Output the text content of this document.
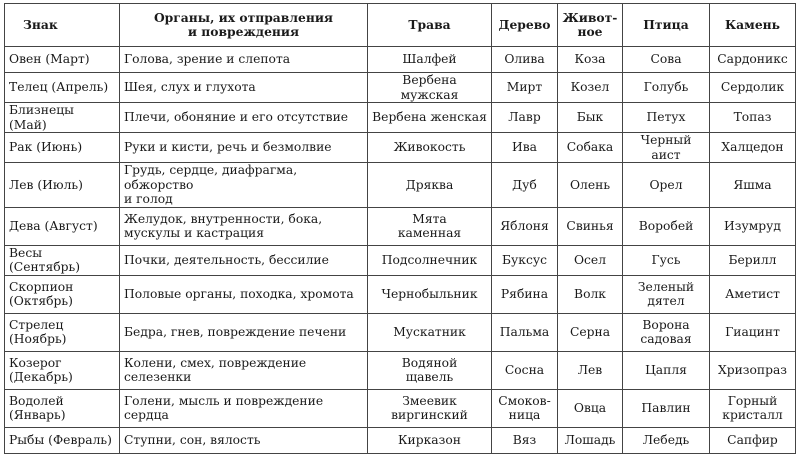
Знак	Органы, их отправления
и повреждения	Трава	Дерево	Живот-
ное	Птица	Камень

Овен (Март)	Голова, зрение и слепота	Шалфей	Олива	Коза	Сова	Сардоникс

Телец (Апрель)	Шея, слух и глухота	Вербена мужская	Мирт	Козел	Голубь	Сердолик

Близнецы (Май)	Плечи, обоняние и его отсутствие	Вербена женская	Лавр	Бык	Петух	Топаз

Рак (Июнь)	Руки и кисти, речь и безмолвие	Живокость	Ива	Собака	Черный аист	Халцедон

Лев (Июль)	Грудь, сердце, диафрагма, обжорство
и голод	Дряква	Дуб	Олень	Орел	Яшма

Дева (Август)	Желудок, внутренности, бока,
мускулы и кастрация	Мята
каменная	Яблоня	Свинья	Воробей	Изумруд

Весы (Сентябрь)	Почки, деятельность, бессилие	Подсолнечник	Буксус	Осел	Гусь	Берилл

Скорпион
(Октябрь)	Половые органы, походка, хромота	Чернобыльник	Рябина	Волк	Зеленый
дятел	Аметист

Стрелец
(Ноябрь)	Бедра, гнев, повреждение печени	Мускатник	Пальма	Серна	Ворона
садовая	Гиацинт

Козерог
(Декабрь)	Колени, смех, повреждение селезенки	Водяной
щавель	Сосна	Лев	Цапля	Хризопраз

Водолей
(Январь)	Голени, мысль и повреждение сердца	Змеевик
виргинский	Смоков-
ница	Овца	Павлин	Горный
кристалл

Рыбы (Февраль)	Ступни, сон, вялость	Кирказон	Вяз	Лошадь	Лебедь	Сапфир
